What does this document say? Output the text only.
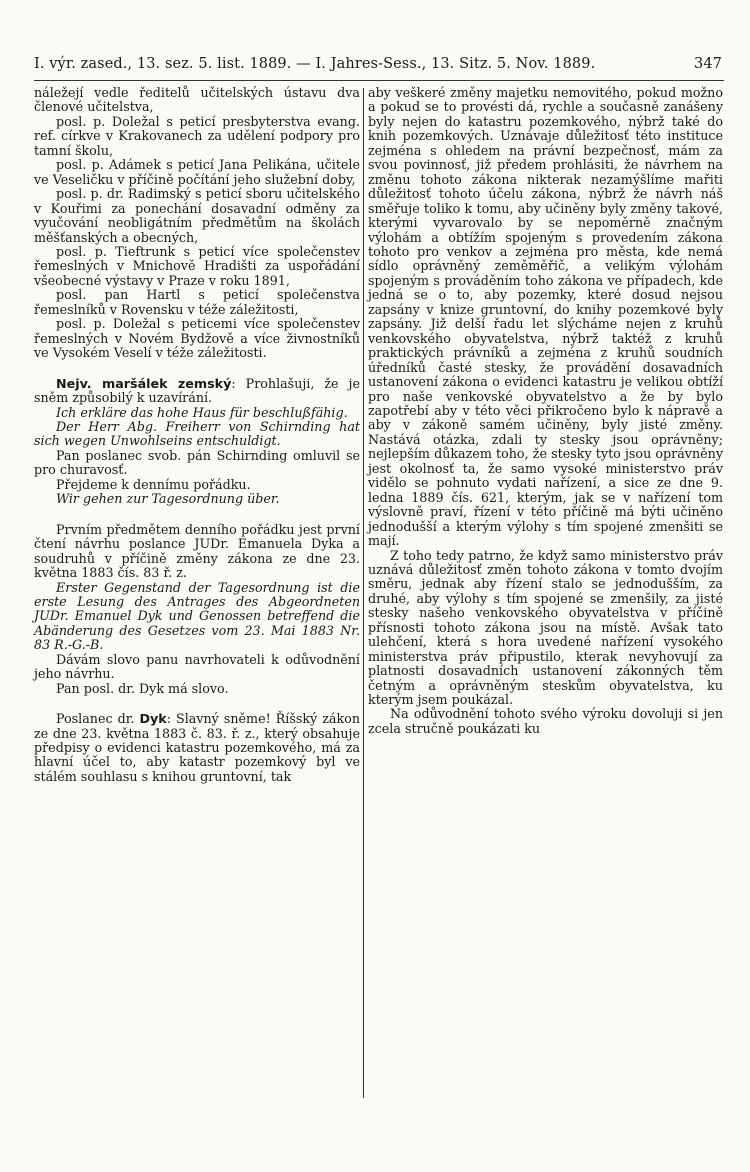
I. výr. zased., 13. sez. 5. list. 1889. — I. Jahres-Sess., 13. Sitz. 5. Nov. 1889.	347

náležejí vedle ředitelů učitelských ústavu dva členové učitelstva,

posl. p. Doležal s peticí presbyterstva evang. ref. církve v Krakovanech za udělení podpory pro tamní školu,

posl. p. Adámek s peticí Jana Pelikána, učitele ve Veseličku v příčině počítání jeho služební doby,

posl. p. dr. Radimský s peticí sboru učitelského v Kouřimi za ponechání dosavadní odměny za vyučování neobligátním předmětům na školách měšťanských a obecných,

posl. p. Tieftrunk s peticí více společenstev řemeslných v Mnichově Hradišti za uspořádání všeobecné výstavy v Praze v roku 1891,

posl. pan Hartl s peticí společenstva řemeslníků v Rovensku v téže záležitosti,

posl. p. Doležal s peticemi více společenstev řemeslných v Novém Bydžově a více živnostníků ve Vysokém Veselí v téže záležitosti.

Nejv. maršálek zemský: Prohlašuji, že je sněm způsobilý k uzavírání.

Ich erkläre das hohe Haus für beschlußfähig.

Der Herr Abg. Freiherr von Schirnding hat sich wegen Unwohlseins entschuldigt.

Pan poslanec svob. pán Schirnding omluvil se pro churavosť.

Přejdeme k dennímu pořádku.

Wir gehen zur Tagesordnung über.

Prvním předmětem denního pořádku jest první čtení návrhu poslance JUDr. Emanuela Dyka a soudruhů v příčině změny zákona ze dne 23. května 1883 čís. 83 ř. z.

Erster Gegenstand der Tagesordnung ist die erste Lesung des Antrages des Abgeordneten JUDr. Emanuel Dyk und Genossen betreffend die Abänderung des Gesetzes vom 23. Mai 1883 Nr. 83 R.-G.-B.

Dávám slovo panu navrhovateli k odůvodnění jeho návrhu.

Pan posl. dr. Dyk má slovo.

Poslanec dr. Dyk: Slavný sněme! Říšský zákon ze dne 23. května 1883 č. 83. ř. z., který obsahuje předpisy o evidenci katastru pozemkového, má za hlavní účel to, aby katastr pozemkový byl ve stálém souhlasu s knihou gruntovní, tak

aby veškeré změny majetku nemovitého, pokud možno a pokud se to provésti dá, rychle a současně zanášeny byly nejen do katastru pozemkového, nýbrž také do knih pozemkových. Uznávaje důležitosť této instituce zejména s ohledem na právní bezpečnosť, mám za svou povinnosť, již předem prohlásiti, že návrhem na změnu tohoto zákona nikterak nezamýšlíme mařiti důležitosť tohoto účelu zákona, nýbrž že návrh náš směřuje toliko k tomu, aby učiněny byly změny takové, kterými vyvarovalo by se nepoměrně značným výlohám a obtížím spojeným s provedením zákona tohoto pro venkov a zejména pro města, kde nemá sídlo oprávněný zeměměřič, a velikým výlohám spojeným s prováděním toho zákona ve případech, kde jedná se o to, aby pozemky, které dosud nejsou zapsány v knize gruntovní, do knihy pozemkové byly zapsány. Již delší řadu let slýcháme nejen z kruhů venkovského obyvatelstva, nýbrž taktéž z kruhů praktických právníků a zejména z kruhů soudních úředníků časté stesky, že provádění dosavadních ustanovení zákona o evidenci katastru je velikou obtíží pro naše venkovské obyvatelstvo a že by bylo zapotřebí aby v této věci přikročeno bylo k nápravě a aby v zákoně samém učiněny, byly jisté změny. Nastává otázka, zdali ty stesky jsou oprávněny; nejlepším důkazem toho, že stesky tyto jsou oprávněny jest okolnosť ta, že samo vysoké ministerstvo práv vidělo se pohnuto vydati nařízení, a sice ze dne 9. ledna 1889 čís. 621, kterým, jak se v nařízení tom výslovně praví, řízení v této příčině má býti učiněno jednodušší a kterým výlohy s tím spojené zmenšiti se mají.

Z toho tedy patrno, že když samo ministerstvo práv uznává důležitosť změn tohoto zákona v tomto dvojím směru, jednak aby řízení stalo se jednodušším, za druhé, aby výlohy s tím spojené se zmenšily, za jisté stesky našeho venkovského obyvatelstva v příčině přísnosti tohoto zákona jsou na místě. Avšak tato ulehčení, která s hora uvedené nařízení vysokého ministerstva práv připustilo, kterak nevyhovují za platnosti dosavadních ustanovení zákonných těm četným a oprávněným steskům obyvatelstva, ku kterým jsem poukázal.

Na odůvodnění tohoto svého výroku dovoluji si jen zcela stručně poukázati ku
